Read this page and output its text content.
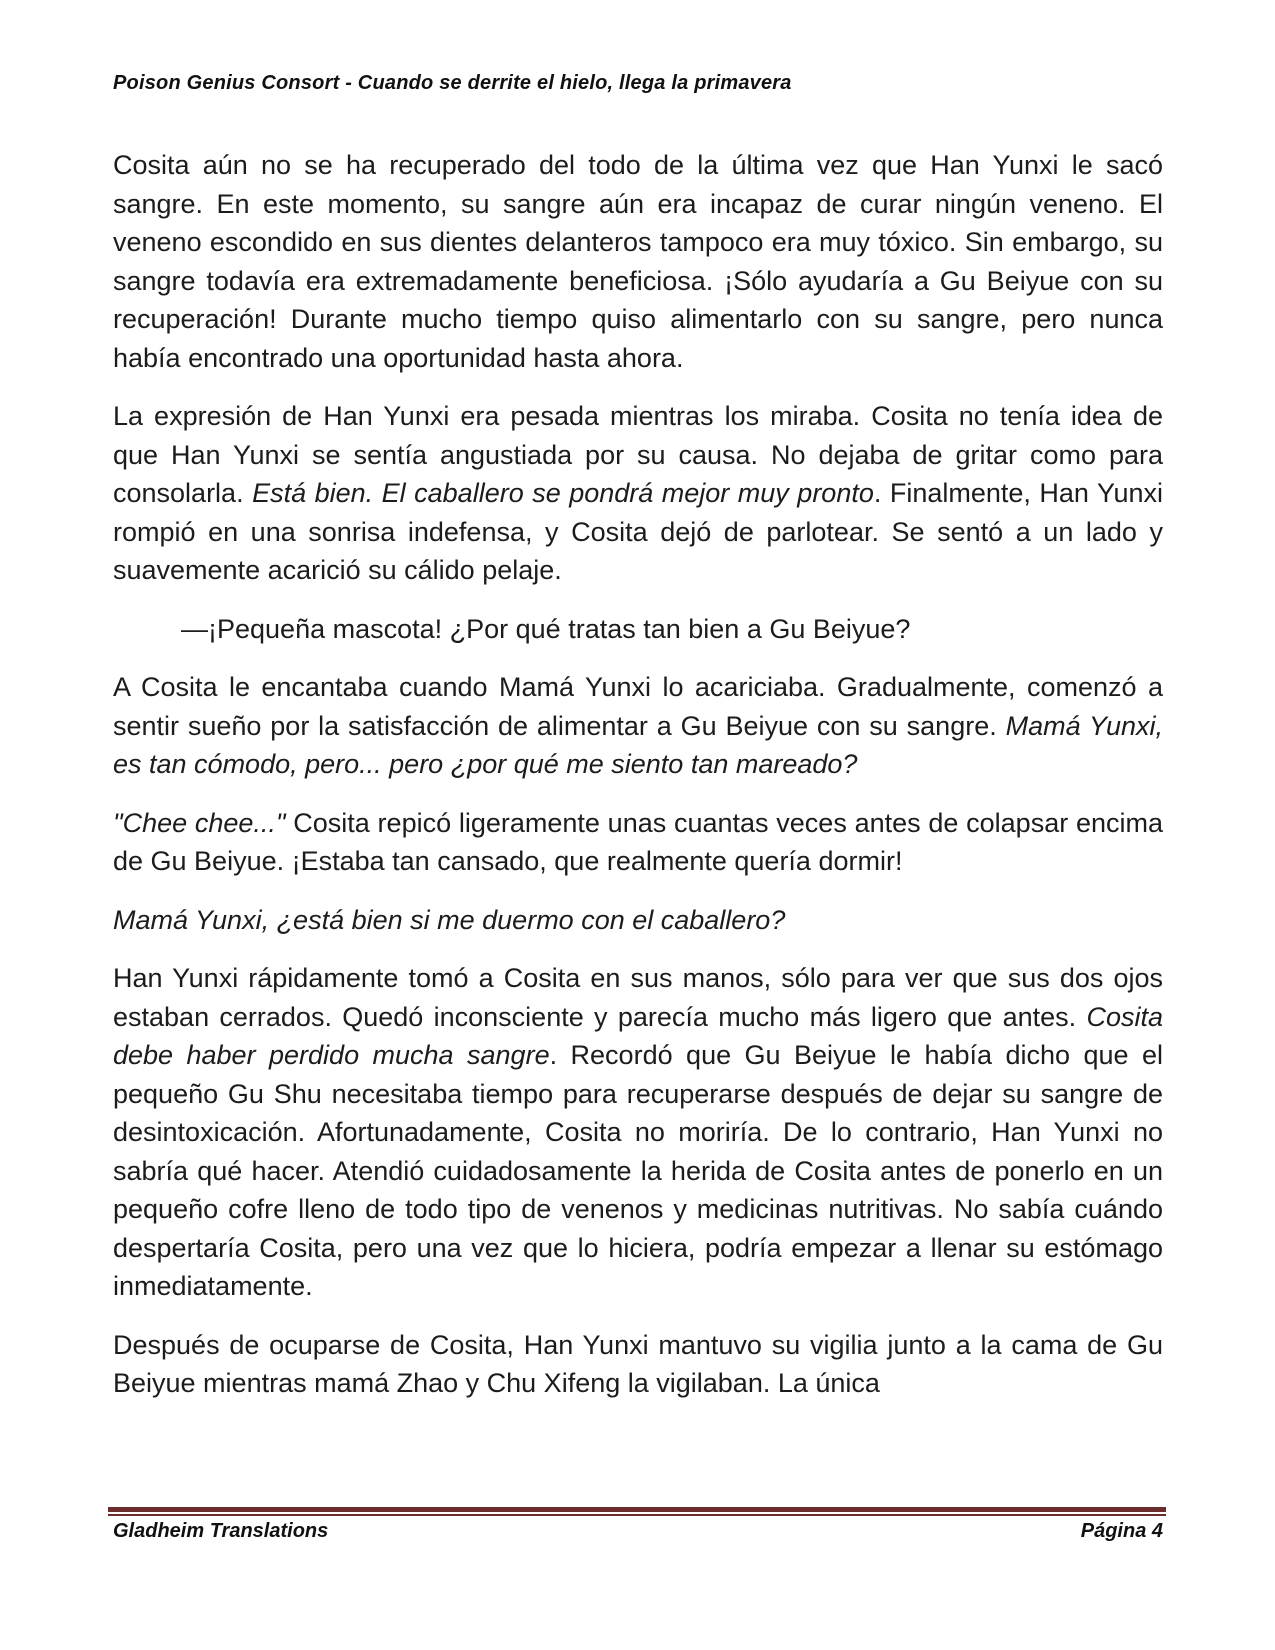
Poison Genius Consort - Cuando se derrite el hielo, llega la primavera

Cosita aún no se ha recuperado del todo de la última vez que Han Yunxi le sacó sangre. En este momento, su sangre aún era incapaz de curar ningún veneno. El veneno escondido en sus dientes delanteros tampoco era muy tóxico. Sin embargo, su sangre todavía era extremadamente beneficiosa. ¡Sólo ayudaría a Gu Beiyue con su recuperación! Durante mucho tiempo quiso alimentarlo con su sangre, pero nunca había encontrado una oportunidad hasta ahora.

La expresión de Han Yunxi era pesada mientras los miraba. Cosita no tenía idea de que Han Yunxi se sentía angustiada por su causa. No dejaba de gritar como para consolarla. Está bien. El caballero se pondrá mejor muy pronto. Finalmente, Han Yunxi rompió en una sonrisa indefensa, y Cosita dejó de parlotear. Se sentó a un lado y suavemente acarició su cálido pelaje.

—¡Pequeña mascota! ¿Por qué tratas tan bien a Gu Beiyue?

A Cosita le encantaba cuando Mamá Yunxi lo acariciaba. Gradualmente, comenzó a sentir sueño por la satisfacción de alimentar a Gu Beiyue con su sangre. Mamá Yunxi, es tan cómodo, pero... pero ¿por qué me siento tan mareado?

"Chee chee..." Cosita repicó ligeramente unas cuantas veces antes de colapsar encima de Gu Beiyue. ¡Estaba tan cansado, que realmente quería dormir!

Mamá Yunxi, ¿está bien si me duermo con el caballero?

Han Yunxi rápidamente tomó a Cosita en sus manos, sólo para ver que sus dos ojos estaban cerrados. Quedó inconsciente y parecía mucho más ligero que antes. Cosita debe haber perdido mucha sangre. Recordó que Gu Beiyue le había dicho que el pequeño Gu Shu necesitaba tiempo para recuperarse después de dejar su sangre de desintoxicación. Afortunadamente, Cosita no moriría. De lo contrario, Han Yunxi no sabría qué hacer. Atendió cuidadosamente la herida de Cosita antes de ponerlo en un pequeño cofre lleno de todo tipo de venenos y medicinas nutritivas. No sabía cuándo despertaría Cosita, pero una vez que lo hiciera, podría empezar a llenar su estómago inmediatamente.

Después de ocuparse de Cosita, Han Yunxi mantuvo su vigilia junto a la cama de Gu Beiyue mientras mamá Zhao y Chu Xifeng la vigilaban. La única

Gladheim Translations	Página 4
